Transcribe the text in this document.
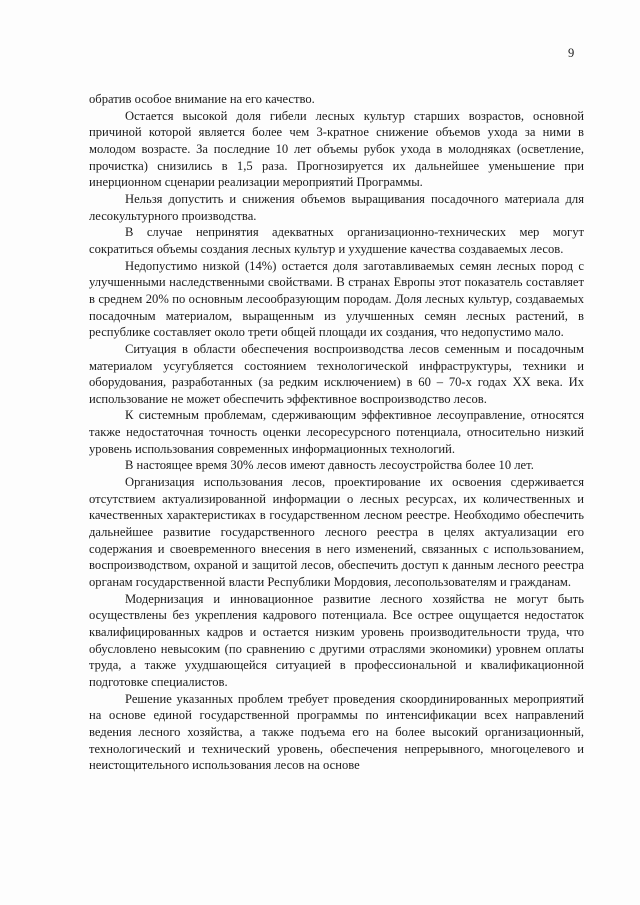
9

обратив особое внимание на его качество.

Остается высокой доля гибели лесных культур старших возрастов, основной причиной которой является более чем 3-кратное снижение объемов ухода за ними в молодом возрасте. За последние 10 лет объемы рубок ухода в молодняках (осветление, прочистка) снизились в 1,5 раза. Прогнозируется их дальнейшее уменьшение при инерционном сценарии реализации мероприятий Программы.

Нельзя допустить и снижения объемов выращивания посадочного материала для лесокультурного производства.

В случае непринятия адекватных организационно-технических мер могут сократиться объемы создания лесных культур и ухудшение качества создаваемых лесов.

Недопустимо низкой (14%) остается доля заготавливаемых семян лесных пород с улучшенными наследственными свойствами. В странах Европы этот показатель составляет в среднем 20% по основным лесообразующим породам. Доля лесных культур, создаваемых посадочным материалом, выращенным из улучшенных семян лесных растений, в республике составляет около трети общей площади их создания, что недопустимо мало.

Ситуация в области обеспечения воспроизводства лесов семенным и посадочным материалом усугубляется состоянием технологической инфраструктуры, техники и оборудования, разработанных (за редким исключением) в 60 – 70-х годах XX века. Их использование не может обеспечить эффективное воспроизводство лесов.

К системным проблемам, сдерживающим эффективное лесоуправление, относятся также недостаточная точность оценки лесоресурсного потенциала, относительно низкий уровень использования современных информационных технологий.

В настоящее время 30% лесов имеют давность лесоустройства более 10 лет.

Организация использования лесов, проектирование их освоения сдерживается отсутствием актуализированной информации о лесных ресурсах, их количественных и качественных характеристиках в государственном лесном реестре. Необходимо обеспечить дальнейшее развитие государственного лесного реестра в целях актуализации его содержания и своевременного внесения в него изменений, связанных с использованием, воспроизводством, охраной и защитой лесов, обеспечить доступ к данным лесного реестра органам государственной власти Республики Мордовия, лесопользователям и гражданам.

Модернизация и инновационное развитие лесного хозяйства не могут быть осуществлены без укрепления кадрового потенциала. Все острее ощущается недостаток квалифицированных кадров и остается низким уровень производительности труда, что обусловлено невысоким (по сравнению с другими отраслями экономики) уровнем оплаты труда, а также ухудшающейся ситуацией в профессиональной и квалификационной подготовке специалистов.

Решение указанных проблем требует проведения скоординированных мероприятий на основе единой государственной программы по интенсификации всех направлений ведения лесного хозяйства, а также подъема его на более высокий организационный, технологический и технический уровень, обеспечения непрерывного, многоцелевого и неистощительного использования лесов на основе
